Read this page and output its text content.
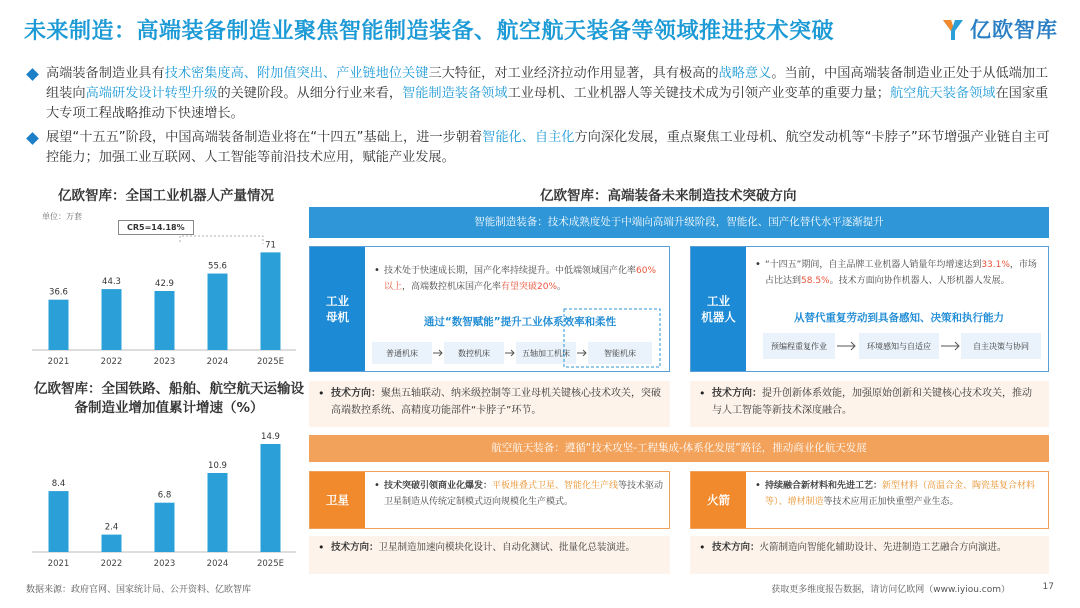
未来制造：高端装备制造业聚焦智能制造装备、航空航天装备等领域推进技术突破	亿欧智库
高端装备制造业具有技术密集度高、附加值突出、产业链地位关键三大特征，对工业经济拉动作用显著，具有极高的战略意义。当前，中国高端装备制造业正处于从低端加工组装向高端研发设计转型升级的关键阶段。从细分行业来看，智能制造装备领域工业母机、工业机器人等关键技术成为引领产业变革的重要力量；航空航天装备领域在国家重大专项工程战略推动下快速增长。
展望“十五五”阶段，中国高端装备制造业将在“十四五”基础上，进一步朝着智能化、自主化方向深化发展，重点聚焦工业母机、航空发动机等“卡脖子”环节增强产业链自主可控能力；加强工业互联网、人工智能等前沿技术应用，赋能产业发展。
亿欧智库：全国工业机器人产量情况
单位：万套
CR5=14.18%
36.6
2021
44.3
2022
42.9
2023
55.6
2024
71
2025E
亿欧智库：全国铁路、船舶、航空航天运输设备制造业增加值累计增速（%）
8.4
2021
2.4
2022
6.8
2023
10.9
2024
14.9
2025E
亿欧智库：高端装备未来制造技术突破方向
智能制造装备：技术成熟度处于中端向高端升级阶段，智能化、国产化替代水平逐渐提升
工业
母机
• 技术处于快速成长期，国产化率持续提升。中低端领域国产化率60%以上，高端数控机床国产化率有望突破20%。
通过“数智赋能”提升工业体系效率和柔性
普通机床	数控机床	五轴加工机床	智能机床
工业
机器人
• “十四五”期间，自主品牌工业机器人销量年均增速达到33.1%，市场占比达到58.5%。技术方面向协作机器人、人形机器人发展。
从替代重复劳动到具备感知、决策和执行能力
预编程重复作业	环境感知与自适应	自主决策与协同
• 技术方向：聚焦五轴联动、纳米级控制等工业母机关键核心技术攻关，突破高端数控系统、高精度功能部件“卡脖子”环节。
• 技术方向：提升创新体系效能，加强原始创新和关键核心技术攻关，推动与人工智能等新技术深度融合。
航空航天装备：遵循“技术攻坚-工程集成-体系化发展”路径，推动商业化航天发展
卫星
• 技术突破引领商业化爆发：平板堆叠式卫星、智能化生产线等技术驱动卫星制造从传统定制模式迈向规模化生产模式。	火箭
• 持续融合新材料和先进工艺：新型材料（高温合金、陶瓷基复合材料等）、增材制造等技术应用正加快重塑产业生态。
• 技术方向：卫星制造加速向模块化设计、自动化测试、批量化总装演进。	• 技术方向：火箭制造向智能化辅助设计、先进制造工艺融合方向演进。
数据来源：政府官网、国家统计局、公开资料、亿欧智库	获取更多维度报告数据，请访问亿欧网（www.iyiou.com）	17
